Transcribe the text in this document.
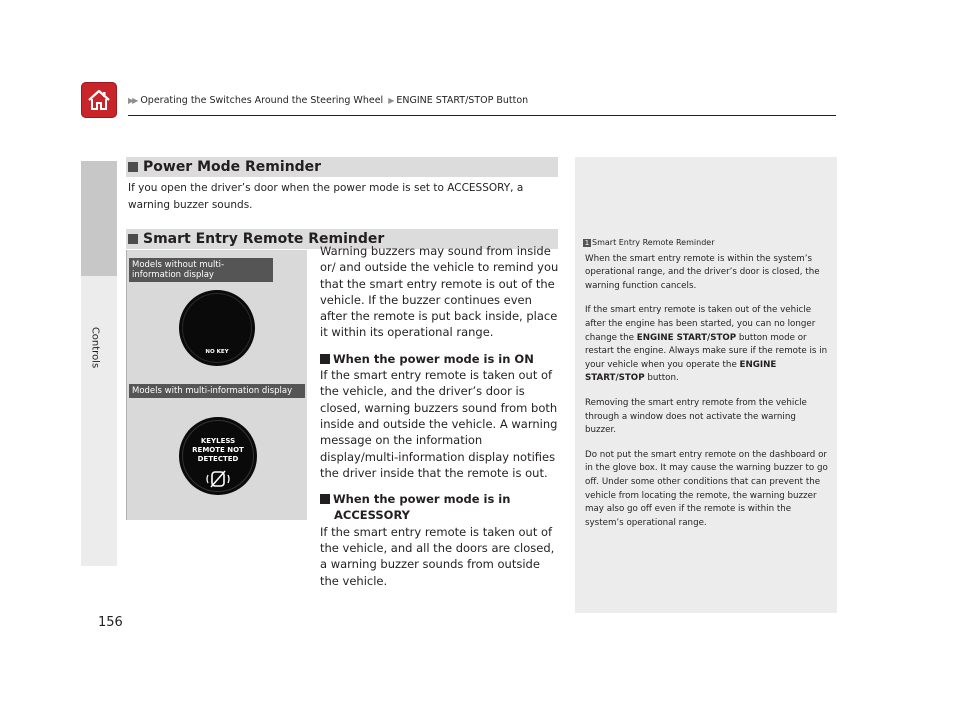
▶▶ Operating the Switches Around the Steering Wheel ▶ ENGINE START/STOP Button
Controls
Power Mode Reminder
If you open the driver’s door when the power mode is set to ACCESSORY, a warning buzzer sounds.
Smart Entry Remote Reminder
Models without multi-information display
NO KEY
Models with multi-information display
KEYLESS
REMOTE NOT
DETECTED

Warning buzzers may sound from inside or/ and outside the vehicle to remind you that the smart entry remote is out of the vehicle. If the buzzer continues even after the remote is put back inside, place it within its operational range.

When the power mode is in ON

If the smart entry remote is taken out of the vehicle, and the driver’s door is closed, warning buzzers sound from both inside and outside the vehicle. A warning message on the information display/multi-information display notifies the driver inside that the remote is out.

When the power mode is in
ACCESSORY

If the smart entry remote is taken out of the vehicle, and all the doors are closed, a warning buzzer sounds from outside the vehicle.

1 Smart Entry Remote Reminder

When the smart entry remote is within the system’s operational range, and the driver’s door is closed, the warning function cancels.

If the smart entry remote is taken out of the vehicle after the engine has been started, you can no longer change the ENGINE START/STOP button mode or restart the engine. Always make sure if the remote is in your vehicle when you operate the ENGINE START/STOP button.

Removing the smart entry remote from the vehicle through a window does not activate the warning buzzer.

Do not put the smart entry remote on the dashboard or in the glove box. It may cause the warning buzzer to go off. Under some other conditions that can prevent the vehicle from locating the remote, the warning buzzer may also go off even if the remote is within the system’s operational range.

156
